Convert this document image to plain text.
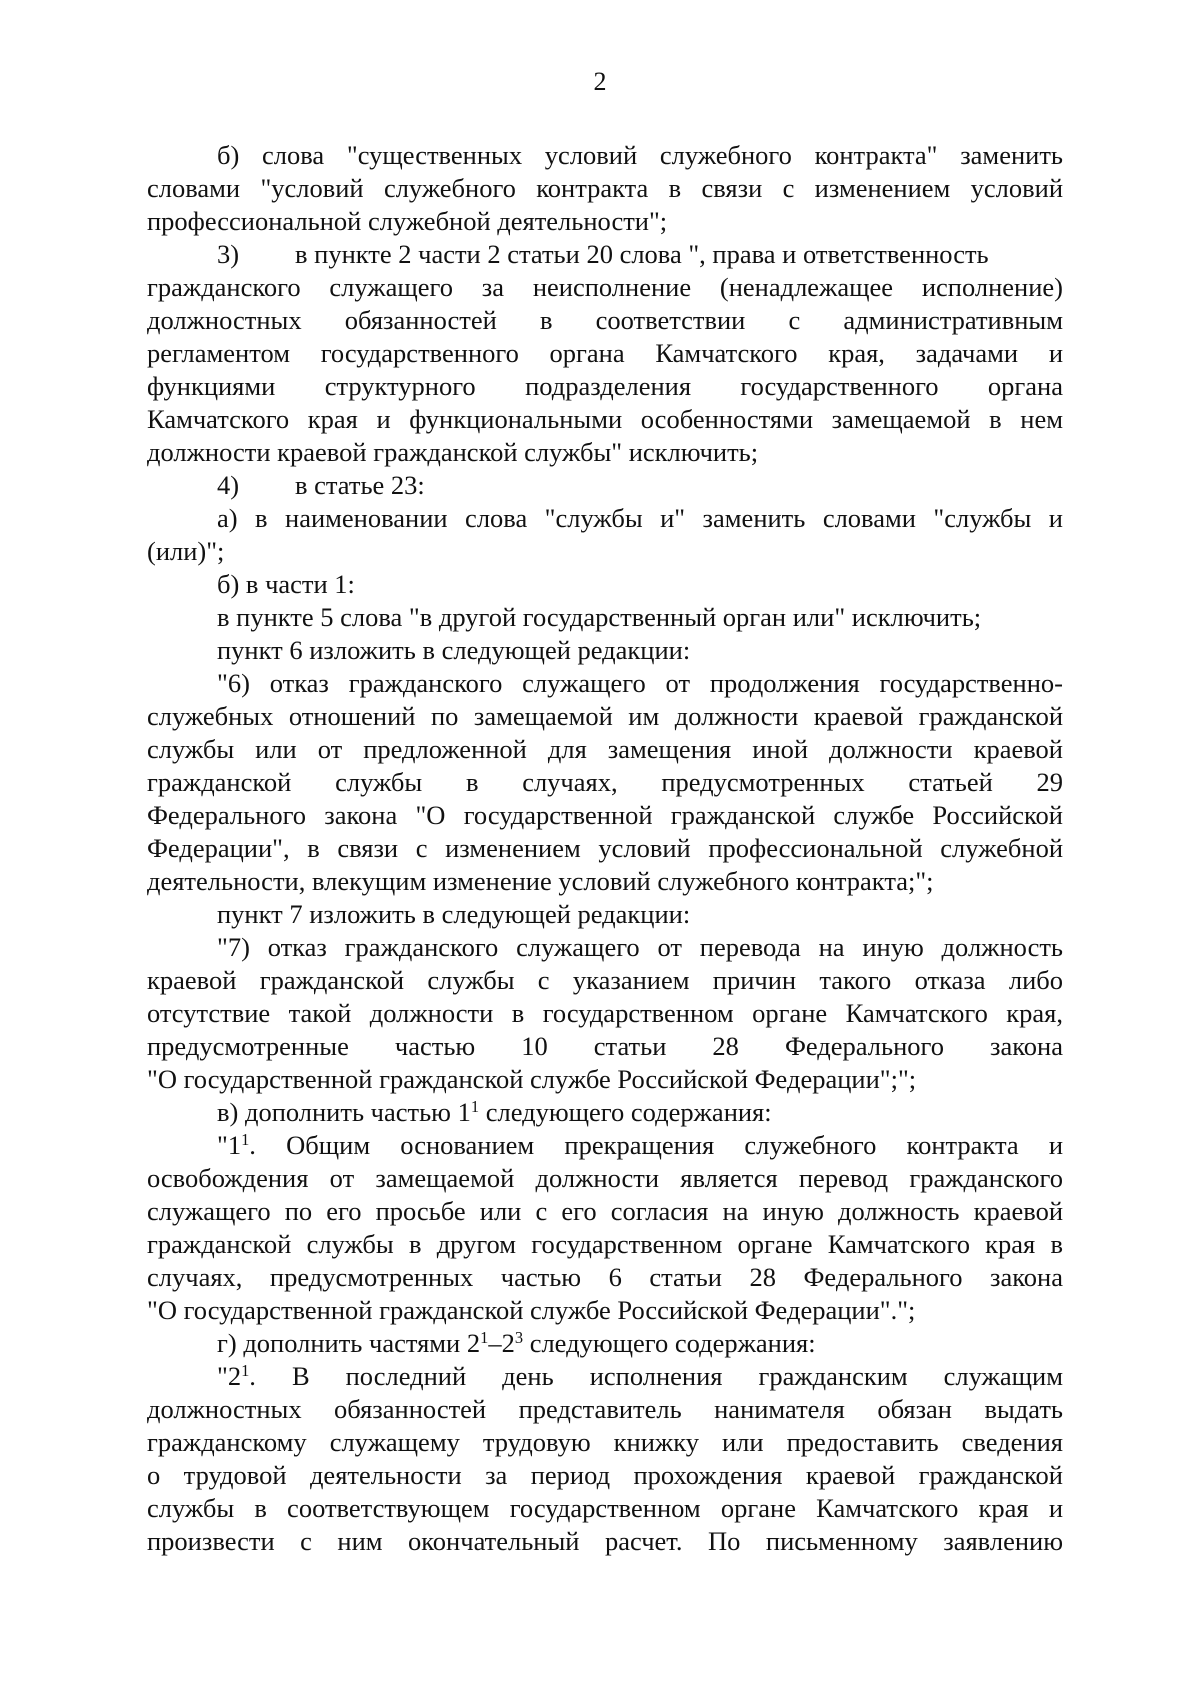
2
б) слова "существенных условий служебного контракта" заменить
словами "условий служебного контракта в связи с изменением условий
профессиональной служебной деятельности";
3) в пункте 2 части 2 статьи 20 слова ", права и ответственность
гражданского служащего за неисполнение (ненадлежащее исполнение)
должностных обязанностей в соответствии с административным
регламентом государственного органа Камчатского края, задачами и
функциями структурного подразделения государственного органа
Камчатского края и функциональными особенностями замещаемой в нем
должности краевой гражданской службы" исключить;
4) в статье 23:
а) в наименовании слова "службы и" заменить словами "службы и
(или)";
б) в части 1:
в пункте 5 слова "в другой государственный орган или" исключить;
пункт 6 изложить в следующей редакции:
"6) отказ гражданского служащего от продолжения государственно-
служебных отношений по замещаемой им должности краевой гражданской
службы или от предложенной для замещения иной должности краевой
гражданской службы в случаях, предусмотренных статьей 29
Федерального закона "О государственной гражданской службе Российской
Федерации", в связи с изменением условий профессиональной служебной
деятельности, влекущим изменение условий служебного контракта;";
пункт 7 изложить в следующей редакции:
"7) отказ гражданского служащего от перевода на иную должность
краевой гражданской службы с указанием причин такого отказа либо
отсутствие такой должности в государственном органе Камчатского края,
предусмотренные частью 10 статьи 28 Федерального закона
"О государственной гражданской службе Российской Федерации";";
в) дополнить частью $1^1$ следующего содержания:
"$1^1$. Общим основанием прекращения служебного контракта и
освобождения от замещаемой должности является перевод гражданского
служащего по его просьбе или с его согласия на иную должность краевой
гражданской службы в другом государственном органе Камчатского края в
случаях, предусмотренных частью 6 статьи 28 Федерального закона
"О государственной гражданской службе Российской Федерации".";
г) дополнить частями $2^1-2^3$ следующего содержания:
"$2^1$. В последний день исполнения гражданским служащим
должностных обязанностей представитель нанимателя обязан выдать
гражданскому служащему трудовую книжку или предоставить сведения
о трудовой деятельности за период прохождения краевой гражданской
службы в соответствующем государственном органе Камчатского края и
произвести с ним окончательный расчет. По письменному заявлению
